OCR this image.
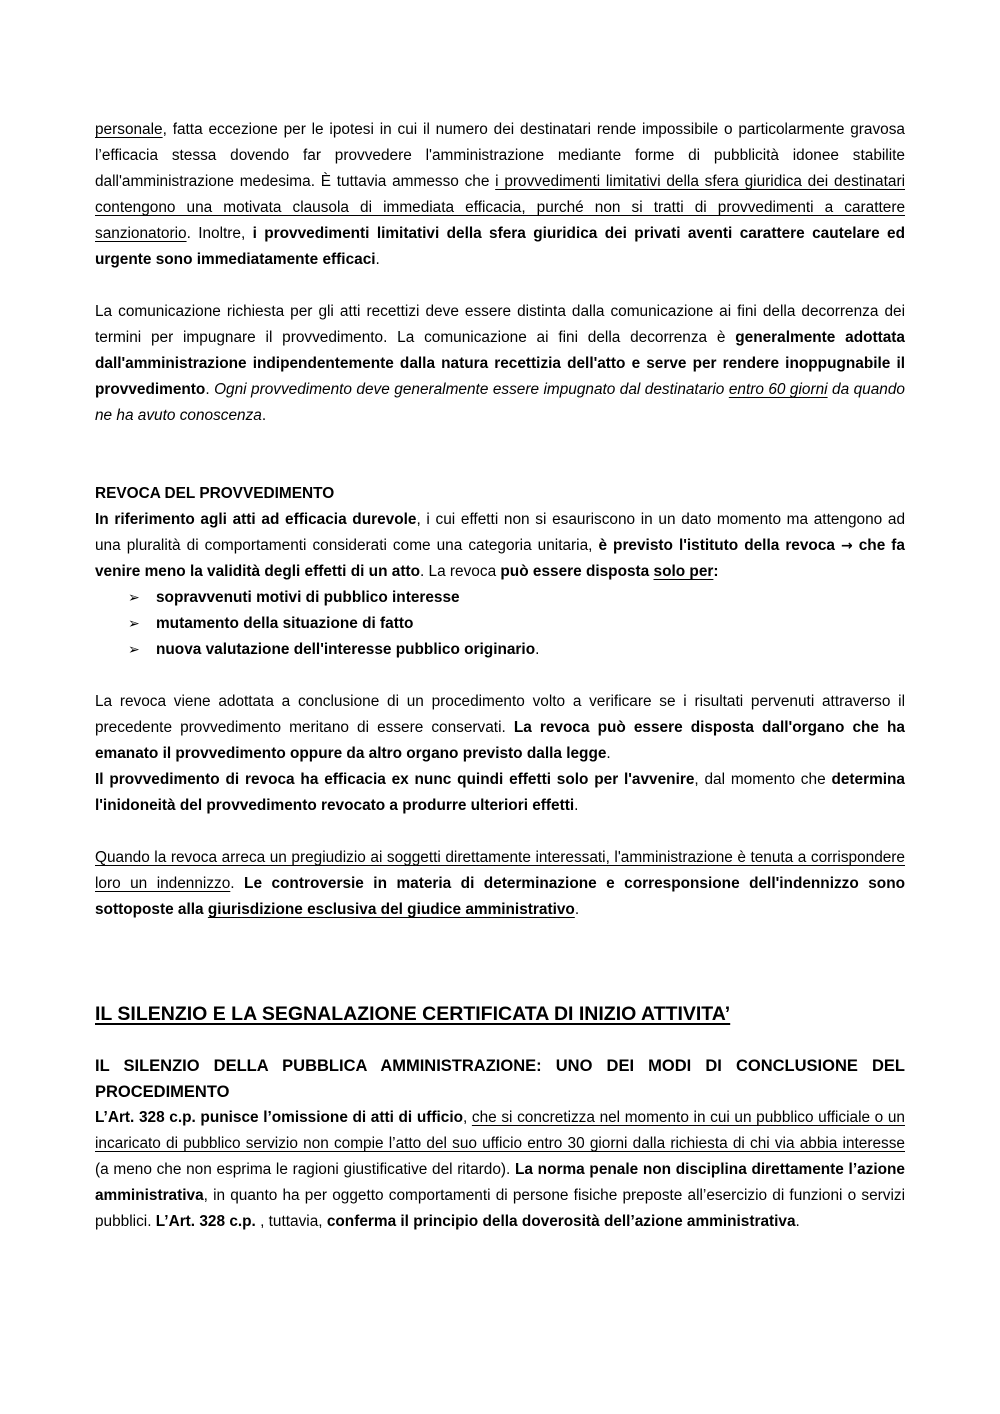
personale, fatta eccezione per le ipotesi in cui il numero dei destinatari rende impossibile o particolarmente gravosa l’efficacia stessa dovendo far provvedere l'amministrazione mediante forme di pubblicità idonee stabilite dall'amministrazione medesima. È tuttavia ammesso che i provvedimenti limitativi della sfera giuridica dei destinatari contengono una motivata clausola di immediata efficacia, purché non si tratti di provvedimenti a carattere sanzionatorio. Inoltre, i provvedimenti limitativi della sfera giuridica dei privati aventi carattere cautelare ed urgente sono immediatamente efficaci.

La comunicazione richiesta per gli atti recettizi deve essere distinta dalla comunicazione ai fini della decorrenza dei termini per impugnare il provvedimento. La comunicazione ai fini della decorrenza è generalmente adottata dall'amministrazione indipendentemente dalla natura recettizia dell'atto e serve per rendere inoppugnabile il provvedimento. Ogni provvedimento deve generalmente essere impugnato dal destinatario entro 60 giorni da quando ne ha avuto conoscenza.

REVOCA DEL PROVVEDIMENTO

In riferimento agli atti ad efficacia durevole, i cui effetti non si esauriscono in un dato momento ma attengono ad una pluralità di comportamenti considerati come una categoria unitaria, è previsto l'istituto della revoca → che fa venire meno la validità degli effetti di un atto. La revoca può essere disposta solo per:

➢ sopravvenuti motivi di pubblico interesse
➢ mutamento della situazione di fatto
➢ nuova valutazione dell'interesse pubblico originario.

La revoca viene adottata a conclusione di un procedimento volto a verificare se i risultati pervenuti attraverso il precedente provvedimento meritano di essere conservati. La revoca può essere disposta dall'organo che ha emanato il provvedimento oppure da altro organo previsto dalla legge.

Il provvedimento di revoca ha efficacia ex nunc quindi effetti solo per l'avvenire, dal momento che determina l'inidoneità del provvedimento revocato a produrre ulteriori effetti.

Quando la revoca arreca un pregiudizio ai soggetti direttamente interessati, l'amministrazione è tenuta a corrispondere loro un indennizzo. Le controversie in materia di determinazione e corresponsione dell'indennizzo sono sottoposte alla giurisdizione esclusiva del giudice amministrativo.

IL SILENZIO E LA SEGNALAZIONE CERTIFICATA DI INIZIO ATTIVITA’

IL SILENZIO DELLA PUBBLICA AMMINISTRAZIONE: UNO DEI MODI DI CONCLUSIONE DEL PROCEDIMENTO

L’Art. 328 c.p. punisce l’omissione di atti di ufficio, che si concretizza nel momento in cui un pubblico ufficiale o un incaricato di pubblico servizio non compie l’atto del suo ufficio entro 30 giorni dalla richiesta di chi via abbia interesse (a meno che non esprima le ragioni giustificative del ritardo). La norma penale non disciplina direttamente l’azione amministrativa, in quanto ha per oggetto comportamenti di persone fisiche preposte all’esercizio di funzioni o servizi pubblici. L’Art. 328 c.p. , tuttavia, conferma il principio della doverosità dell’azione amministrativa.
